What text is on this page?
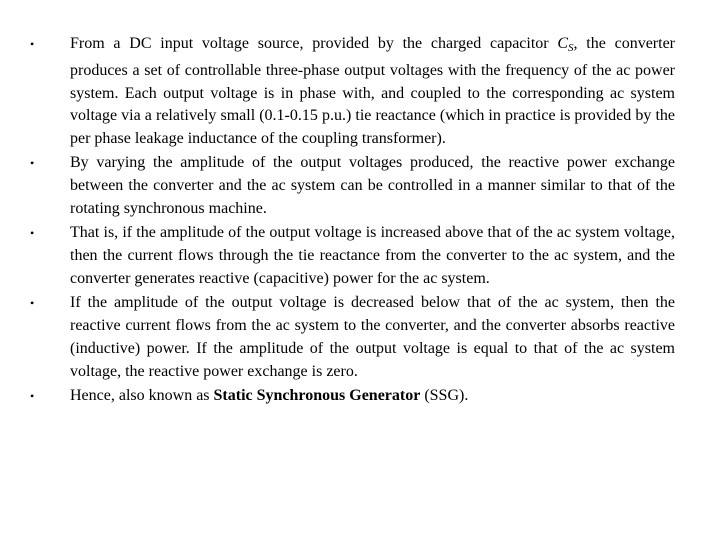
• From a DC input voltage source, provided by the charged capacitor $C_S$, the converter produces a set of controllable three-phase output voltages with the frequency of the ac power system. Each output voltage is in phase with, and coupled to the corresponding ac system voltage via a relatively small (0.1-0.15 p.u.) tie reactance (which in practice is provided by the per phase leakage inductance of the coupling transformer).
• By varying the amplitude of the output voltages produced, the reactive power exchange between the converter and the ac system can be controlled in a manner similar to that of the rotating synchronous machine.
• That is, if the amplitude of the output voltage is increased above that of the ac system voltage, then the current flows through the tie reactance from the converter to the ac system, and the converter generates reactive (capacitive) power for the ac system.
• If the amplitude of the output voltage is decreased below that of the ac system, then the reactive current flows from the ac system to the converter, and the converter absorbs reactive (inductive) power. If the amplitude of the output voltage is equal to that of the ac system voltage, the reactive power exchange is zero.
• Hence, also known as Static Synchronous Generator (SSG).
